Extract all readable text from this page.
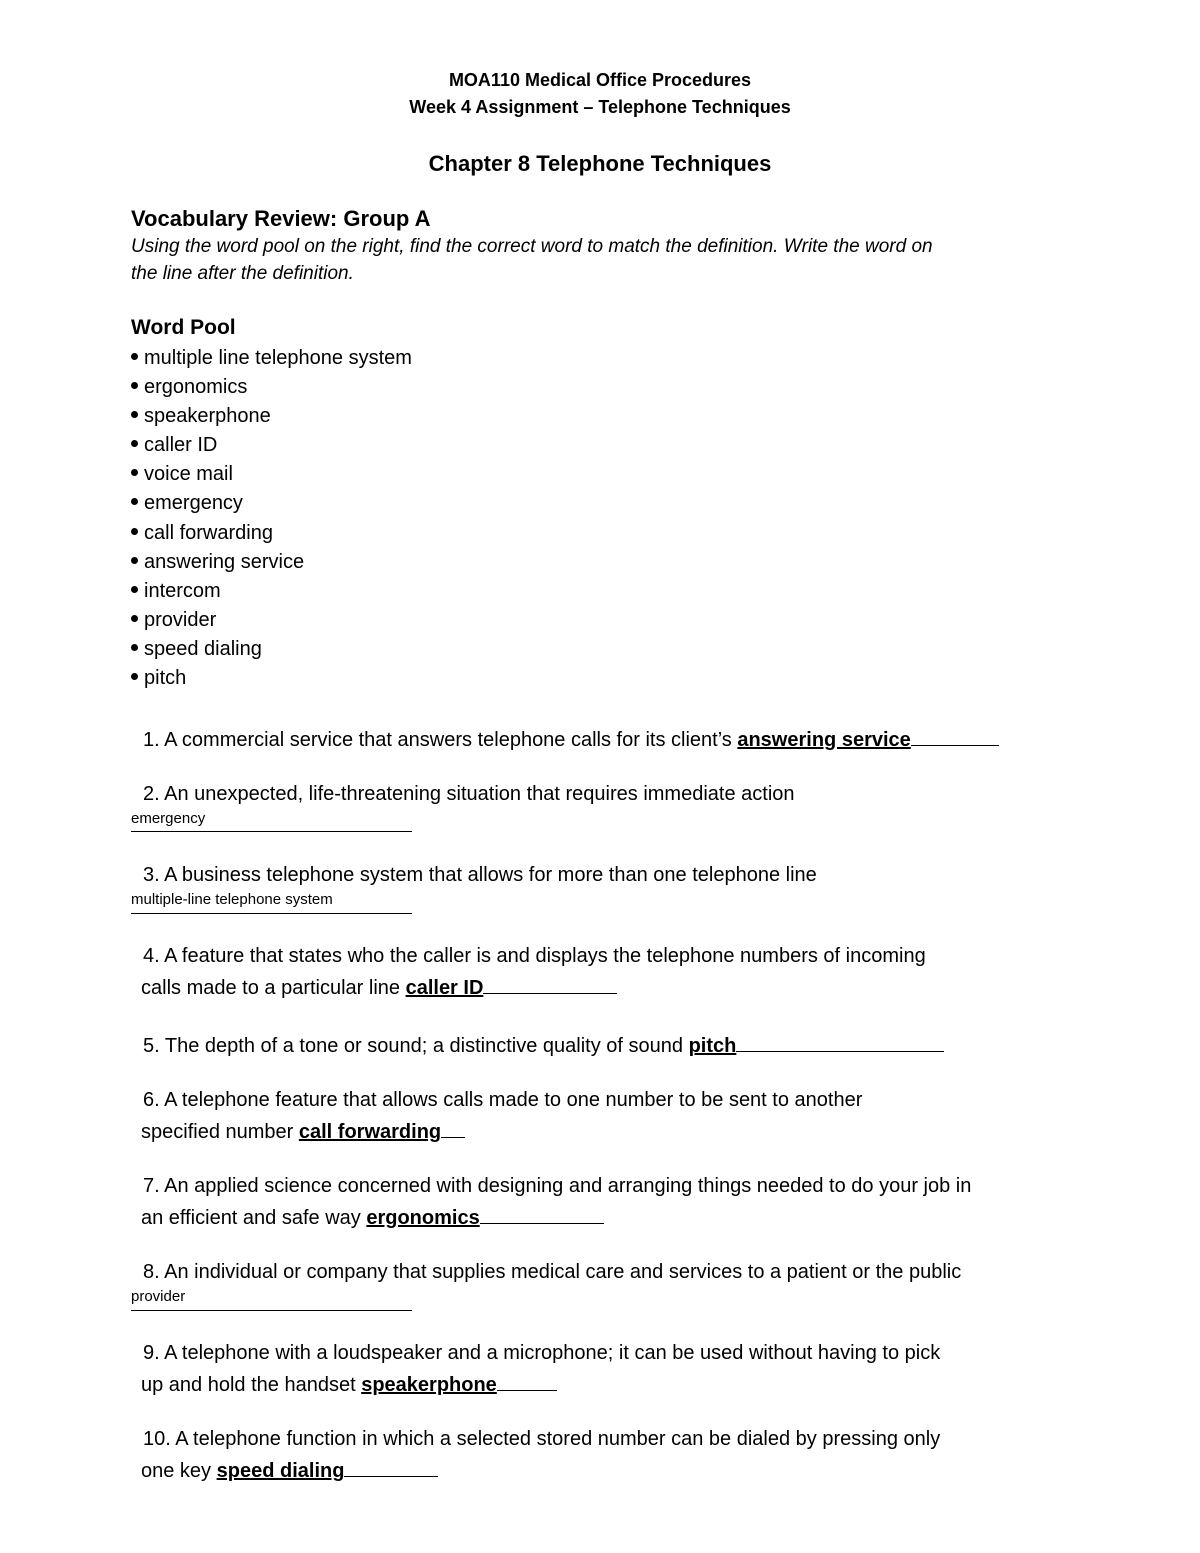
MOA110 Medical Office Procedures
Week 4 Assignment – Telephone Techniques
Chapter 8 Telephone Techniques
Vocabulary Review: Group A
Using the word pool on the right, find the correct word to match the definition. Write the word on
the line after the definition.
Word Pool
multiple line telephone system
ergonomics
speakerphone
caller ID
voice mail
emergency
call forwarding
answering service
intercom
provider
speed dialing
pitch
1. A commercial service that answers telephone calls for its client’s answering service
2. An unexpected, life-threatening situation that requires immediate action
emergency
3. A business telephone system that allows for more than one telephone line
multiple-line telephone system
4. A feature that states who the caller is and displays the telephone numbers of incoming
calls made to a particular line caller ID
5. The depth of a tone or sound; a distinctive quality of sound pitch
6. A telephone feature that allows calls made to one number to be sent to another
specified number call forwarding
7. An applied science concerned with designing and arranging things needed to do your job in
an efficient and safe way ergonomics
8. An individual or company that supplies medical care and services to a patient or the public
provider
9. A telephone with a loudspeaker and a microphone; it can be used without having to pick
up and hold the handset speakerphone
10. A telephone function in which a selected stored number can be dialed by pressing only
one key speed dialing
